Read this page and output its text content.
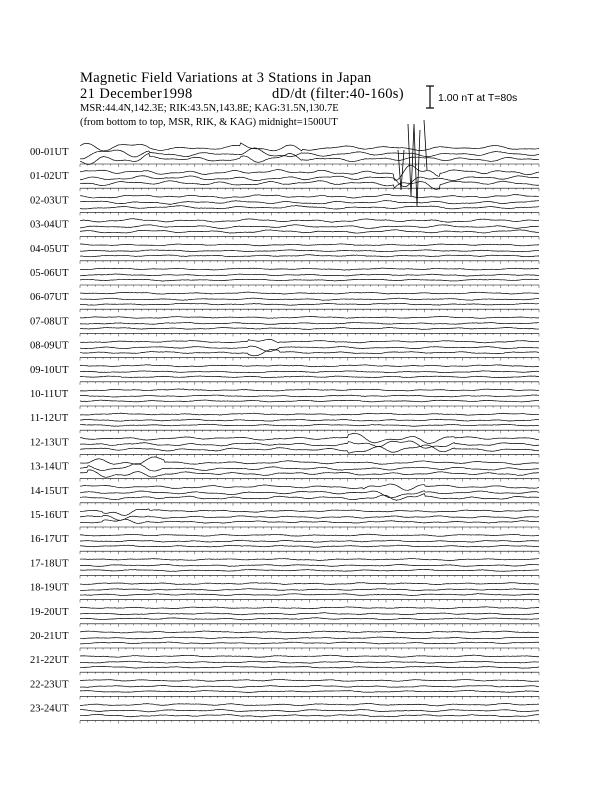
Magnetic Field Variations at 3 Stations in Japan
21 December1998	dD/dt (filter:40-160s)
MSR:44.4N,142.3E; RIK:43.5N,143.8E; KAG:31.5N,130.7E
(from bottom to top, MSR, RIK, & KAG) midnight=1500UT
1.00 nT at T=80s
00-01UT
01-02UT
02-03UT
03-04UT
04-05UT
05-06UT
06-07UT
07-08UT
08-09UT
09-10UT
10-11UT
11-12UT
12-13UT
13-14UT
14-15UT
15-16UT
16-17UT
17-18UT
18-19UT
19-20UT
20-21UT
21-22UT
22-23UT
23-24UT
